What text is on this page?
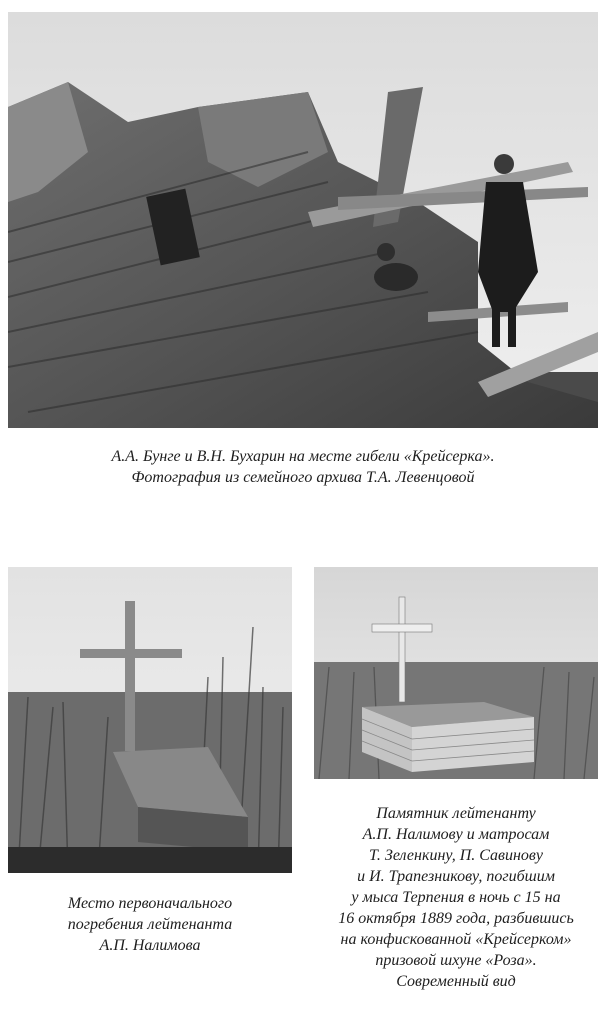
А.А. Бунге и В.Н. Бухарин на месте гибели «Крейсерка».
Фотография из семейного архива Т.А. Левенцовой
Место первоначального
погребения лейтенанта
А.П. Налимова
Памятник лейтенанту
А.П. Налимову и матросам
Т. Зеленкину, П. Савинову
и И. Трапезникову, погибшим
у мыса Терпения в ночь с 15 на
16 октября 1889 года, разбившись
на конфискованной «Крейсерком»
призовой шхуне «Роза».
Современный вид
